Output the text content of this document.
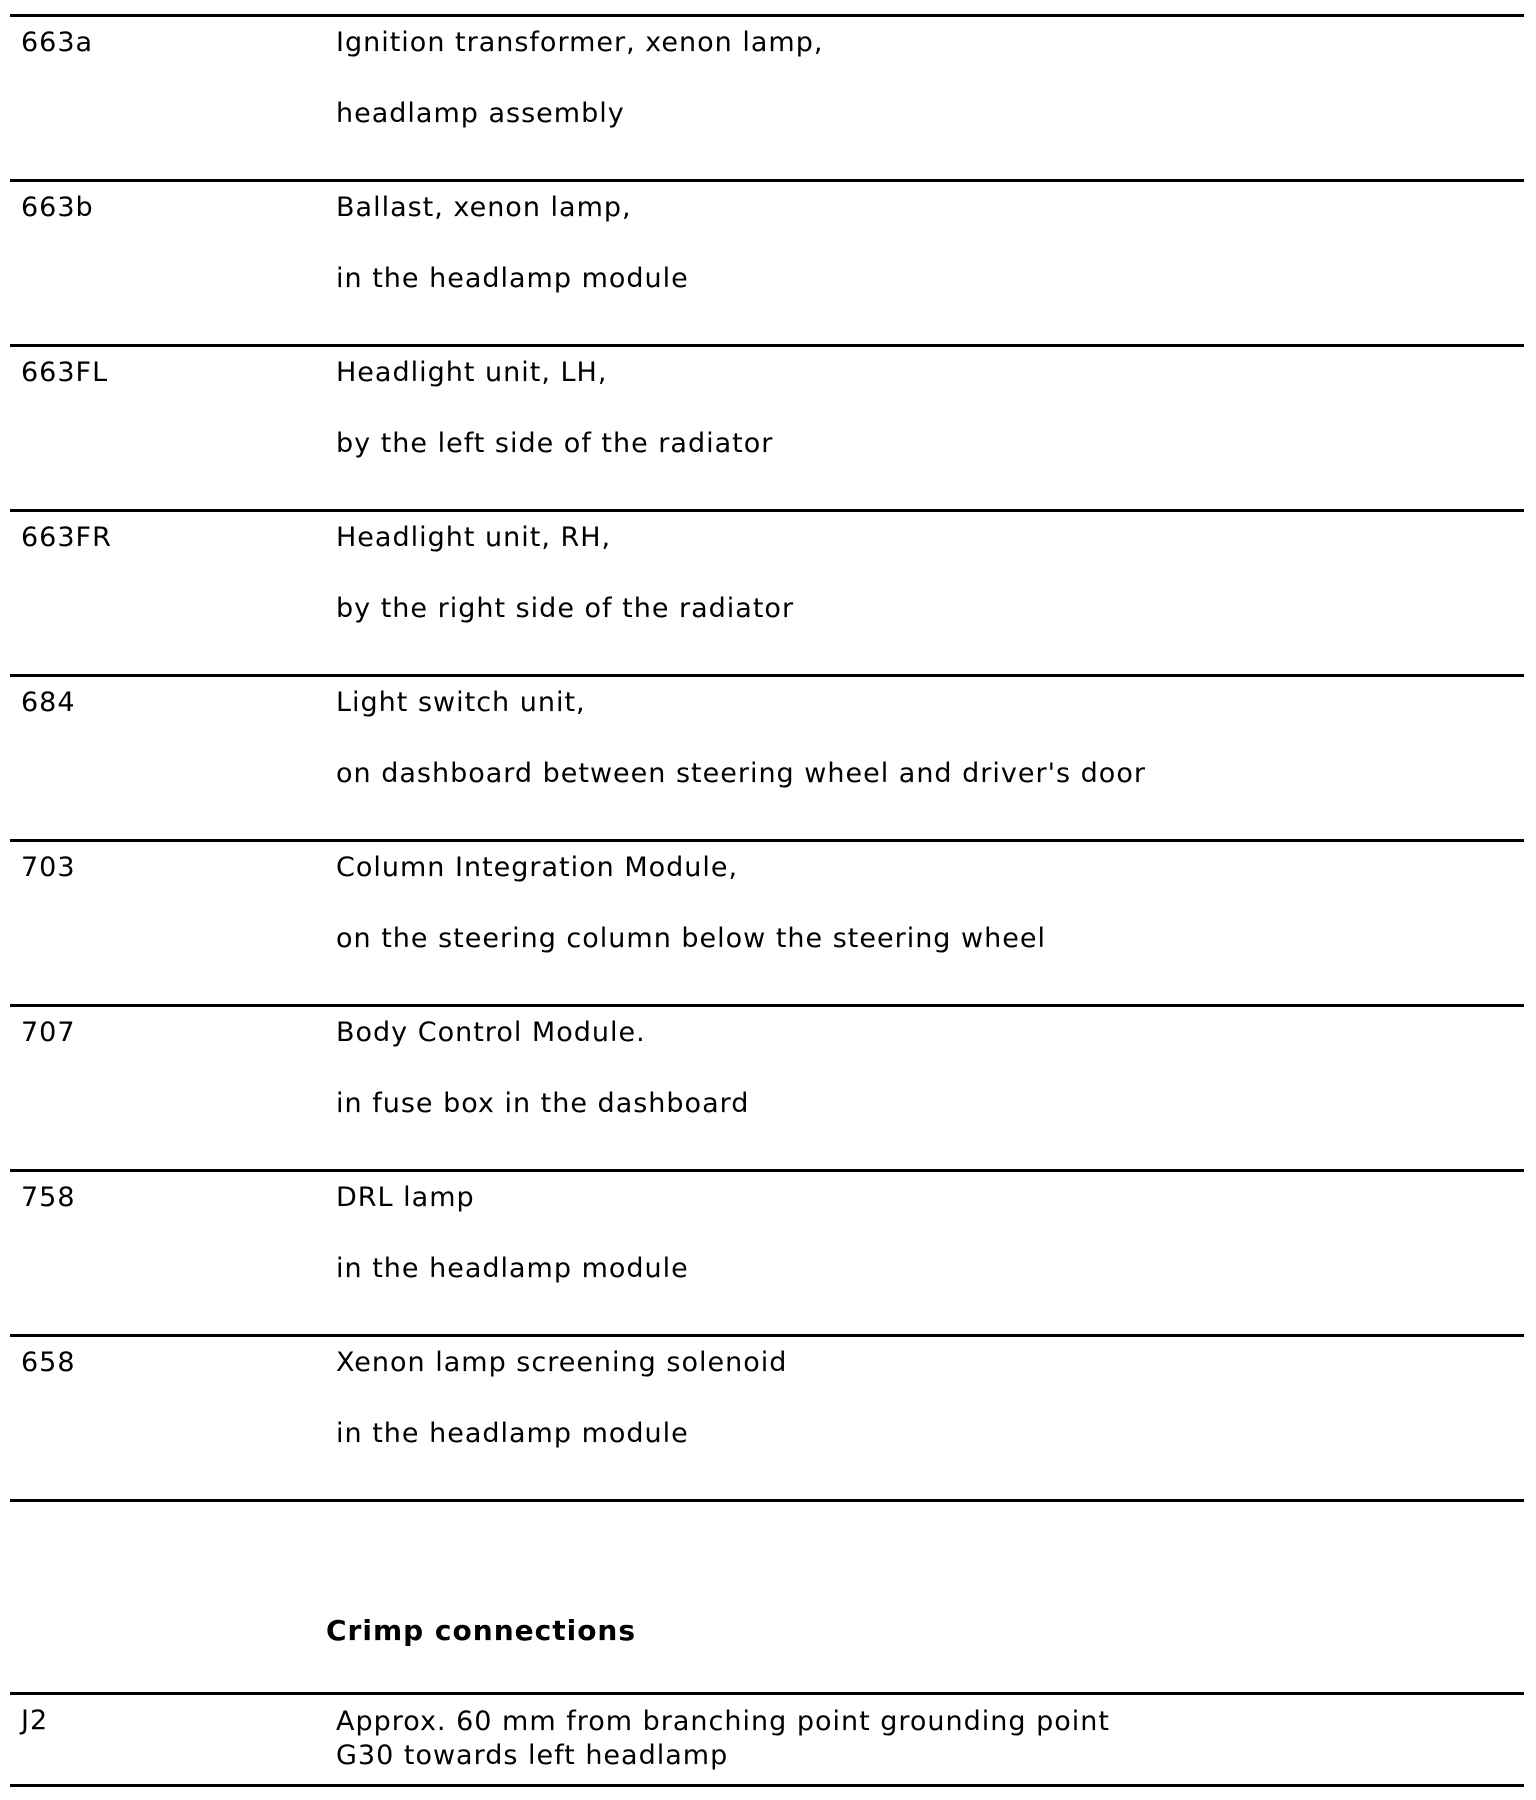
663a	Ignition transformer, xenon lamp,
headlamp assembly
663b	Ballast, xenon lamp,
in the headlamp module
663FL	Headlight unit, LH,
by the left side of the radiator
663FR	Headlight unit, RH,
by the right side of the radiator
684	Light switch unit,
on dashboard between steering wheel and driver's door
703	Column Integration Module,
on the steering column below the steering wheel
707	Body Control Module.
in fuse box in the dashboard
758	DRL lamp
in the headlamp module
658	Xenon lamp screening solenoid
in the headlamp module
Crimp connections
J2	Approx. 60 mm from branching point grounding point
G30 towards left headlamp
